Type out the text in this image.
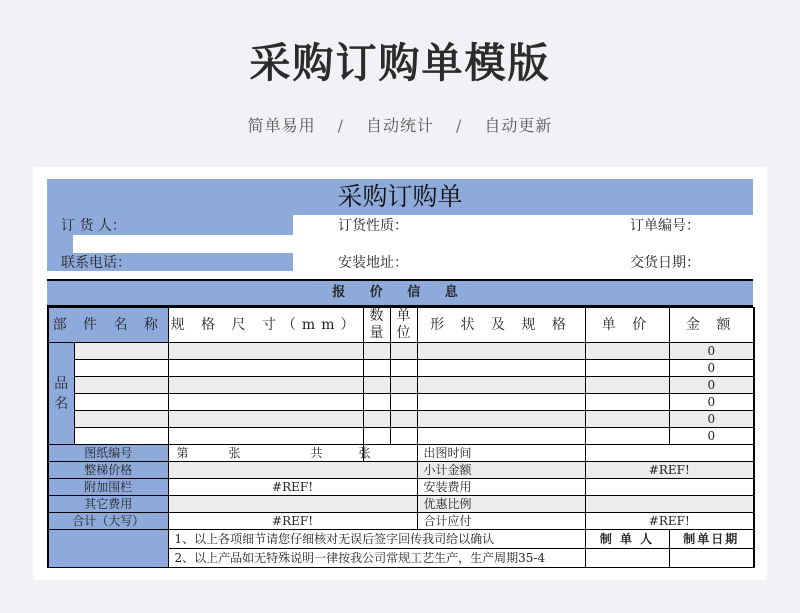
采购订购单模版
简单易用 / 自动统计 / 自动更新
采购订购单
订 货 人：	订货性质：	订单编号：
联系电话：	安装地址：	交货日期：
报 价 信 息
部 件 名 称		规 格 尺 寸（mm）	数量	单位	形 状 及 规 格	单 价	金 额
品名							0
							0
							0
							0
							0
							0
图纸编号		第 张 共 张			出图时间		
整梯价格					小计金额	#REF!	
附加围栏		#REF!			安装费用		
其它费用					优惠比例		
合计（大写）		#REF!			合计应付	#REF!	
		1、以上各项细节请您仔细核对无误后签字回传我司给以确认				制 单 人	制单日期
		2、以上产品如无特殊说明一律按我公司常规工艺生产，生产周期35-4					
